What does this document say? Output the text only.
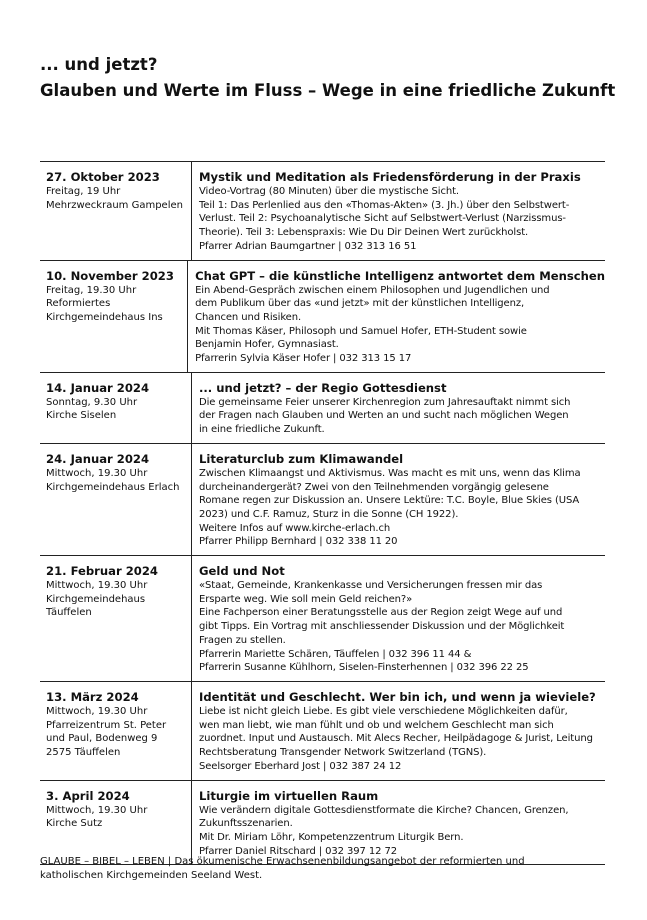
... und jetzt?
Glauben und Werte im Fluss – Wege in eine friedliche Zukunft
27. Oktober 2023
Freitag, 19 Uhr
Mehrzweckraum Gampelen
Mystik und Meditation als Friedensförderung in der Praxis
Video-Vortrag (80 Minuten) über die mystische Sicht.
Teil 1: Das Perlenlied aus den «Thomas-Akten» (3. Jh.) über den Selbstwert-
Verlust. Teil 2: Psychoanalytische Sicht auf Selbstwert-Verlust (Narzissmus-
Theorie). Teil 3: Lebenspraxis: Wie Du Dir Deinen Wert zurückholst.
Pfarrer Adrian Baumgartner | 032 313 16 51
10. November 2023
Freitag, 19.30 Uhr
Reformiertes
Kirchgemeindehaus Ins
Chat GPT – die künstliche Intelligenz antwortet dem Menschen
Ein Abend-Gespräch zwischen einem Philosophen und Jugendlichen und
dem Publikum über das «und jetzt» mit der künstlichen Intelligenz,
Chancen und Risiken.
Mit Thomas Käser, Philosoph und Samuel Hofer, ETH-Student sowie
Benjamin Hofer, Gymnasiast.
Pfarrerin Sylvia Käser Hofer | 032 313 15 17
14. Januar 2024
Sonntag, 9.30 Uhr
Kirche Siselen
... und jetzt? – der Regio Gottesdienst
Die gemeinsame Feier unserer Kirchenregion zum Jahresauftakt nimmt sich
der Fragen nach Glauben und Werten an und sucht nach möglichen Wegen
in eine friedliche Zukunft.
24. Januar 2024
Mittwoch, 19.30 Uhr
Kirchgemeindehaus Erlach
Literaturclub zum Klimawandel
Zwischen Klimaangst und Aktivismus. Was macht es mit uns, wenn das Klima
durcheinandergerät? Zwei von den Teilnehmenden vorgängig gelesene
Romane regen zur Diskussion an. Unsere Lektüre: T.C. Boyle, Blue Skies (USA
2023) und C.F. Ramuz, Sturz in die Sonne (CH 1922).
Weitere Infos auf www.kirche-erlach.ch
Pfarrer Philipp Bernhard | 032 338 11 20
21. Februar 2024
Mittwoch, 19.30 Uhr
Kirchgemeindehaus
Täuffelen
Geld und Not
«Staat, Gemeinde, Krankenkasse und Versicherungen fressen mir das
Ersparte weg. Wie soll mein Geld reichen?»
Eine Fachperson einer Beratungsstelle aus der Region zeigt Wege auf und
gibt Tipps. Ein Vortrag mit anschliessender Diskussion und der Möglichkeit
Fragen zu stellen.
Pfarrerin Mariette Schären, Täuffelen | 032 396 11 44 &
Pfarrerin Susanne Kühlhorn, Siselen-Finsterhennen | 032 396 22 25
13. März 2024
Mittwoch, 19.30 Uhr
Pfarreizentrum St. Peter
und Paul, Bodenweg 9
2575 Täuffelen
Identität und Geschlecht. Wer bin ich, und wenn ja wieviele?
Liebe ist nicht gleich Liebe. Es gibt viele verschiedene Möglichkeiten dafür,
wen man liebt, wie man fühlt und ob und welchem Geschlecht man sich
zuordnet. Input und Austausch. Mit Alecs Recher, Heilpädagoge & Jurist, Leitung
Rechtsberatung Transgender Network Switzerland (TGNS).
Seelsorger Eberhard Jost | 032 387 24 12
3. April 2024
Mittwoch, 19.30 Uhr
Kirche Sutz
Liturgie im virtuellen Raum
Wie verändern digitale Gottesdienstformate die Kirche? Chancen, Grenzen,
Zukunftsszenarien.
Mit Dr. Miriam Löhr, Kompetenzzentrum Liturgik Bern.
Pfarrer Daniel Ritschard | 032 397 12 72
GLAUBE – BIBEL – LEBEN | Das ökumenische Erwachsenenbildungsangebot der reformierten und
katholischen Kirchgemeinden Seeland West.
